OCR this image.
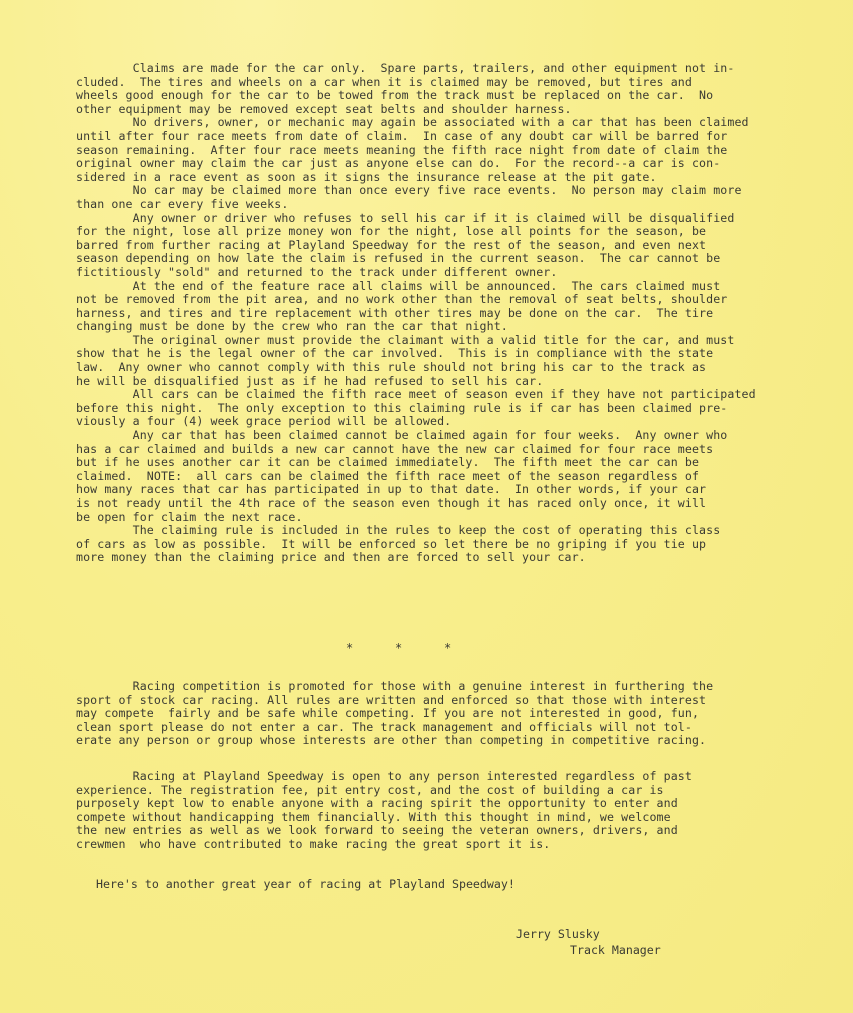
Claims are made for the car only.  Spare parts, trailers, and other equipment not in-
cluded.  The tires and wheels on a car when it is claimed may be removed, but tires and
wheels good enough for the car to be towed from the track must be replaced on the car.  No
other equipment may be removed except seat belts and shoulder harness.
No drivers, owner, or mechanic may again be associated with a car that has been claimed
until after four race meets from date of claim.  In case of any doubt car will be barred for
season remaining.  After four race meets meaning the fifth race night from date of claim the
original owner may claim the car just as anyone else can do.  For the record--a car is con-
sidered in a race event as soon as it signs the insurance release at the pit gate.
No car may be claimed more than once every five race events.  No person may claim more
than one car every five weeks.
Any owner or driver who refuses to sell his car if it is claimed will be disqualified
for the night, lose all prize money won for the night, lose all points for the season, be
barred from further racing at Playland Speedway for the rest of the season, and even next
season depending on how late the claim is refused in the current season.  The car cannot be
fictitiously "sold" and returned to the track under different owner.
At the end of the feature race all claims will be announced.  The cars claimed must
not be removed from the pit area, and no work other than the removal of seat belts, shoulder
harness, and tires and tire replacement with other tires may be done on the car.  The tire
changing must be done by the crew who ran the car that night.
The original owner must provide the claimant with a valid title for the car, and must
show that he is the legal owner of the car involved.  This is in compliance with the state
law.  Any owner who cannot comply with this rule should not bring his car to the track as
he will be disqualified just as if he had refused to sell his car.
All cars can be claimed the fifth race meet of season even if they have not participated
before this night.  The only exception to this claiming rule is if car has been claimed pre-
viously a four (4) week grace period will be allowed.
Any car that has been claimed cannot be claimed again for four weeks.  Any owner who
has a car claimed and builds a new car cannot have the new car claimed for four race meets
but if he uses another car it can be claimed immediately.  The fifth meet the car can be
claimed.  NOTE:  all cars can be claimed the fifth race meet of the season regardless of
how many races that car has participated in up to that date.  In other words, if your car
is not ready until the 4th race of the season even though it has raced only once, it will
be open for claim the next race.
The claiming rule is included in the rules to keep the cost of operating this class
of cars as low as possible.  It will be enforced so let there be no griping if you tie up
more money than the claiming price and then are forced to sell your car.
*	*	*
Racing competition is promoted for those with a genuine interest in furthering the
sport of stock car racing. All rules are written and enforced so that those with interest
may compete  fairly and be safe while competing. If you are not interested in good, fun,
clean sport please do not enter a car. The track management and officials will not tol-
erate any person or group whose interests are other than competing in competitive racing.
Racing at Playland Speedway is open to any person interested regardless of past
experience. The registration fee, pit entry cost, and the cost of building a car is
purposely kept low to enable anyone with a racing spirit the opportunity to enter and
compete without handicapping them financially. With this thought in mind, we welcome
the new entries as well as we look forward to seeing the veteran owners, drivers, and
crewmen  who have contributed to make racing the great sport it is.
Here's to another great year of racing at Playland Speedway!
Jerry Slusky
Track Manager
